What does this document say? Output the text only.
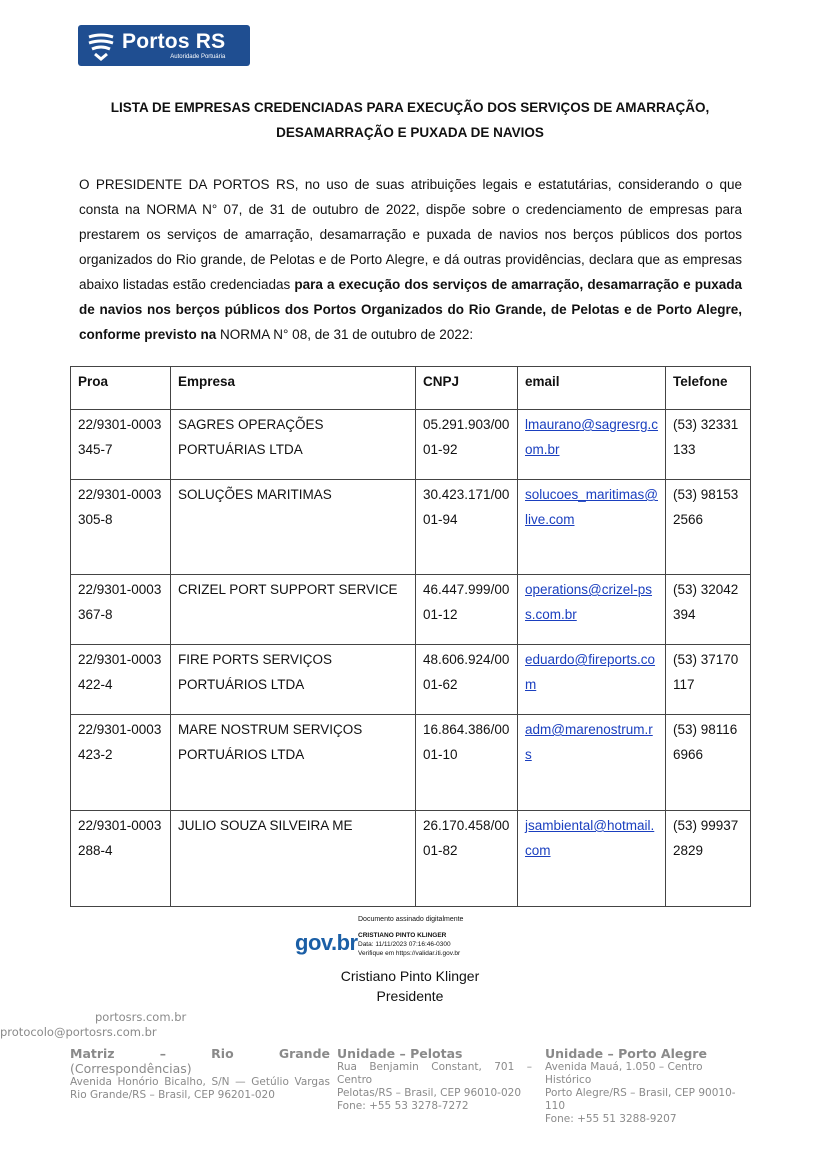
Portos RS
Autoridade Portuária
LISTA DE EMPRESAS CREDENCIADAS PARA EXECUÇÃO DOS SERVIÇOS DE AMARRAÇÃO,
DESAMARRAÇÃO E PUXADA DE NAVIOS
O PRESIDENTE DA PORTOS RS, no uso de suas atribuições legais e estatutárias, considerando o que consta na NORMA N° 07, de 31 de outubro de 2022, dispõe sobre o credenciamento de empresas para prestarem os serviços de amarração, desamarração e puxada de navios nos berços públicos dos portos organizados do Rio grande, de Pelotas e de Porto Alegre, e dá outras providências, declara que as empresas abaixo listadas estão credenciadas para a execução dos serviços de amarração, desamarração e puxada de navios nos berços públicos dos Portos Organizados do Rio Grande, de Pelotas e de Porto Alegre, conforme previsto na NORMA N° 08, de 31 de outubro de 2022:
Proa	Empresa	CNPJ	email	Telefone
22/9301-0003345-7	SAGRES OPERAÇÕES PORTUÁRIAS LTDA	05.291.903/0001-92	lmaurano@sagresrg.com.br	(53) 32331133
22/9301-0003305-8	SOLUÇÕES MARITIMAS	30.423.171/0001-94	solucoes_maritimas@live.com	(53) 981532566
22/9301-0003367-8	CRIZEL PORT SUPPORT SERVICE	46.447.999/0001-12	operations@crizel-pss.com.br	(53) 32042394
22/9301-0003422-4	FIRE PORTS SERVIÇOS PORTUÁRIOS LTDA	48.606.924/0001-62	eduardo@fireports.com	(53) 37170117
22/9301-0003423-2	MARE NOSTRUM SERVIÇOS PORTUÁRIOS LTDA	16.864.386/0001-10	adm@marenostrum.rs	(53) 981166966
22/9301-0003288-4	JULIO SOUZA SILVEIRA ME	26.170.458/0001-82	jsambiental@hotmail.com	(53) 999372829
gov.br
Documento assinado digitalmente
CRISTIANO PINTO KLINGER
Data: 11/11/2023 07:16:46-0300
Verifique em https://validar.iti.gov.br
Cristiano Pinto Klinger
Presidente
portosrs.com.br
protocolo@portosrs.com.br
Matriz – Rio Grande
(Correspondências)
Avenida Honório Bicalho, S/N — Getúlio Vargas
Rio Grande/RS – Brasil, CEP 96201-020
Unidade – Pelotas
Rua Benjamin Constant, 701 – Centro
Pelotas/RS – Brasil, CEP 96010-020
Fone: +55 53 3278-7272
Unidade – Porto Alegre
Avenida Mauá, 1.050 – Centro Histórico
Porto Alegre/RS – Brasil, CEP 90010-110
Fone: +55 51 3288-9207
